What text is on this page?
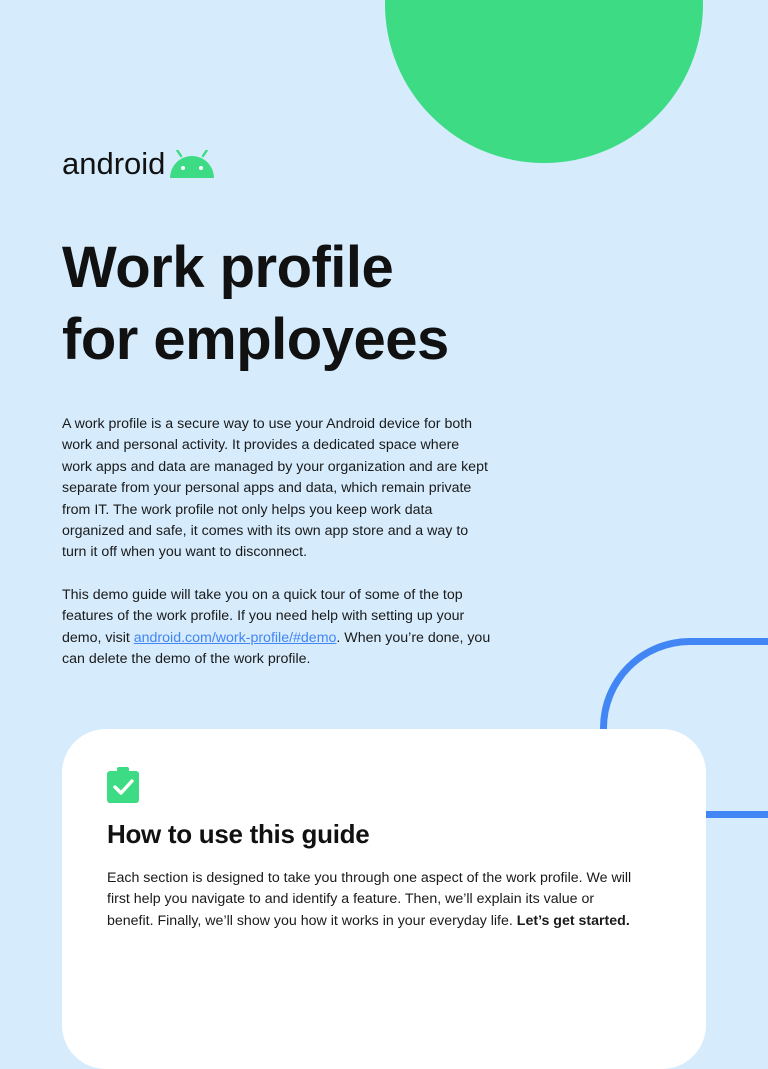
android
Work profile
for employees

A work profile is a secure way to use your Android device for both work and personal activity. It provides a dedicated space where work apps and data are managed by your organization and are kept separate from your personal apps and data, which remain private from IT. The work profile not only helps you keep work data organized and safe, it comes with its own app store and a way to turn it off when you want to disconnect.

This demo guide will take you on a quick tour of some of the top features of the work profile. If you need help with setting up your demo, visit android.com/work-profile/#demo. When you’re done, you can delete the demo of the work profile.

How to use this guide

Each section is designed to take you through one aspect of the work profile. We will first help you navigate to and identify a feature. Then, we’ll explain its value or benefit. Finally, we’ll show you how it works in your everyday life. Let’s get started.
